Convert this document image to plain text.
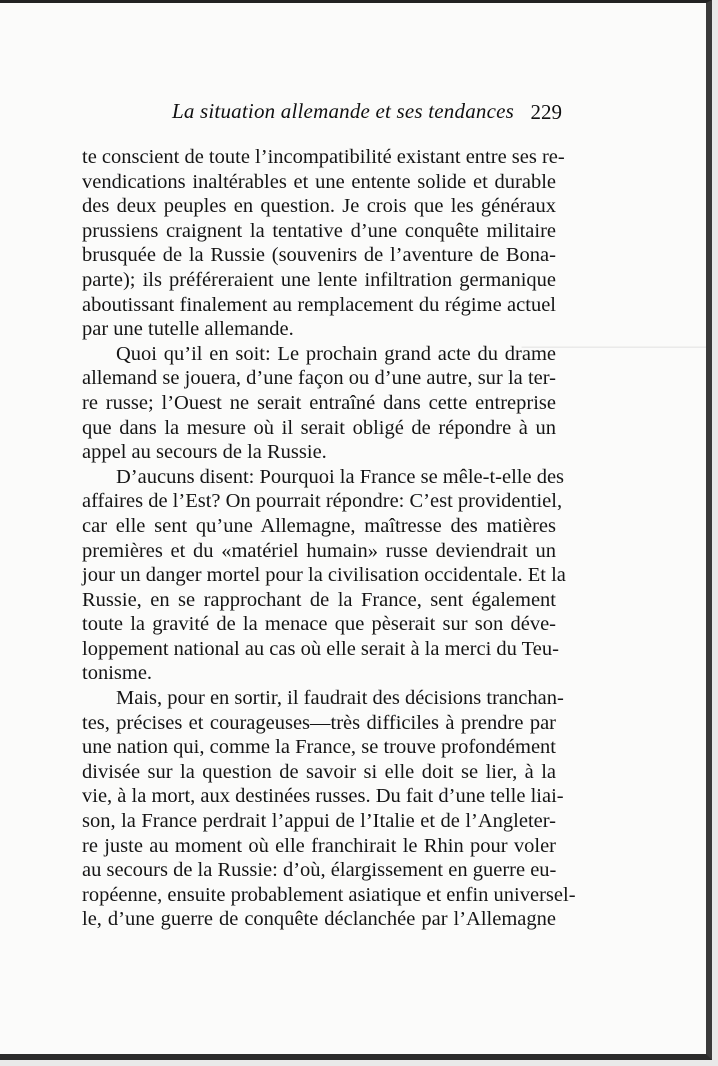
──────────────────
La situation allemande et ses tendances 229
te conscient de toute l’incompatibilité existant entre ses re-
vendications inaltérables et une entente solide et durable
des deux peuples en question. Je crois que les généraux
prussiens craignent la tentative d’une conquête militaire
brusquée de la Russie (souvenirs de l’aventure de Bona-
parte); ils préféreraient une lente infiltration germanique
aboutissant finalement au remplacement du régime actuel
par une tutelle allemande.
Quoi qu’il en soit: Le prochain grand acte du drame
allemand se jouera, d’une façon ou d’une autre, sur la ter-
re russe; l’Ouest ne serait entraîné dans cette entreprise
que dans la mesure où il serait obligé de répondre à un
appel au secours de la Russie.
D’aucuns disent: Pourquoi la France se mêle-t-elle des
affaires de l’Est? On pourrait répondre: C’est providentiel,
car elle sent qu’une Allemagne, maîtresse des matières
premières et du «matériel humain» russe deviendrait un
jour un danger mortel pour la civilisation occidentale. Et la
Russie, en se rapprochant de la France, sent également
toute la gravité de la menace que pèserait sur son déve-
loppement national au cas où elle serait à la merci du Teu-
tonisme.
Mais, pour en sortir, il faudrait des décisions tranchan-
tes, précises et courageuses—très difficiles à prendre par
une nation qui, comme la France, se trouve profondément
divisée sur la question de savoir si elle doit se lier, à la
vie, à la mort, aux destinées russes. Du fait d’une telle liai-
son, la France perdrait l’appui de l’Italie et de l’Angleter-
re juste au moment où elle franchirait le Rhin pour voler
au secours de la Russie: d’où, élargissement en guerre eu-
ropéenne, ensuite probablement asiatique et enfin universel-
le, d’une guerre de conquête déclanchée par l’Allemagne
